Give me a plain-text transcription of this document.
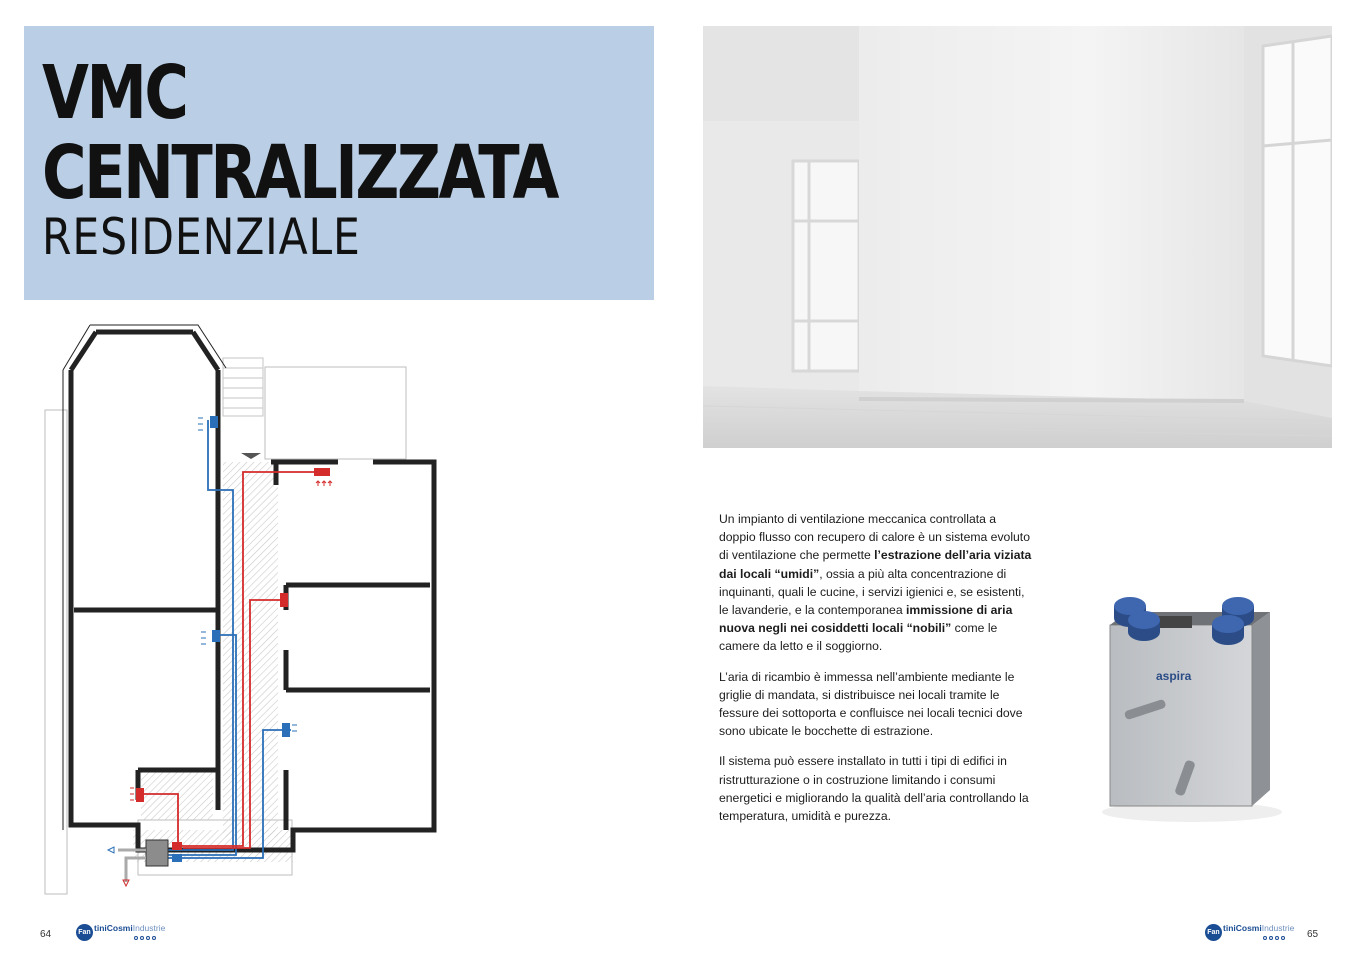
VMC
CENTRALIZZATA
RESIDENZIALE

Un impianto di ventilazione meccanica controllata a doppio flusso con recupero di calore è un sistema evoluto di ventilazione che permette l’estrazione dell’aria viziata dai locali “umidi”, ossia a più alta concentrazione di inquinanti, quali le cucine, i servizi igienici e, se esistenti, le lavanderie, e la contemporanea immissione di aria nuova negli nei cosiddetti locali “nobili” come le camere da letto e il soggiorno.

L’aria di ricambio è immessa nell’ambiente mediante le griglie di mandata, si distribuisce nei locali tramite le fessure dei sottoporta e confluisce nei locali tecnici dove sono ubicate le bocchette di estrazione.

Il sistema può essere installato in tutti i tipi di edifici in ristrutturazione o in costruzione limitando i consumi energetici e migliorando la qualità dell’aria controllando la temperatura, umidità e purezza.

aspira
64	65
Fan tiniCosmiIndustrie	Fan tiniCosmiIndustrie
